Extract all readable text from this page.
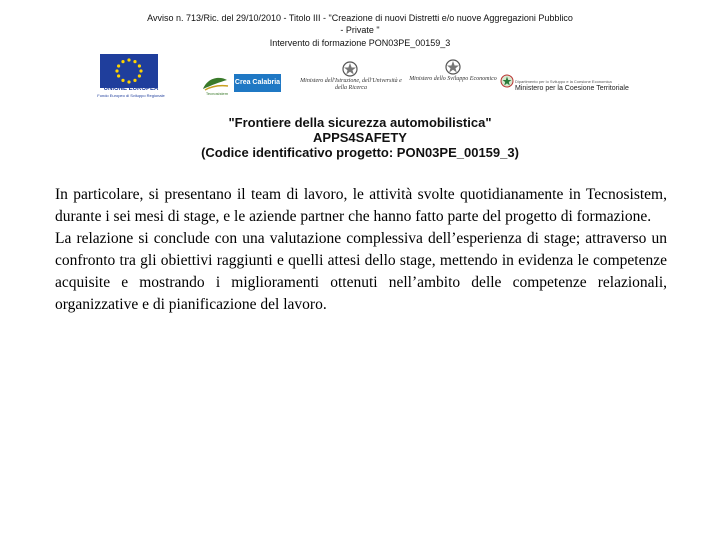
Avviso n. 713/Ric. del 29/10/2010 - Titolo III - "Creazione di nuovi Distretti e/o nuove Aggregazioni Pubblico
- Private "
Intervento di formazione PON03PE_00159_3
UNIONE EUROPEA
Fondo Europeo di Sviluppo Regionale	Tecnosistem
Crea Calabria	Ministero dell'Istruzione, dell'Università e della Ricerca
Ministero dello Sviluppo Economico	Dipartimento per lo Sviluppo e la Coesione Economica
Ministero per la Coesione Territoriale
"Frontiere della sicurezza automobilistica"
APPS4SAFETY
(Codice identificativo progetto: PON03PE_00159_3)

In particolare, si presentano il team di lavoro, le attività svolte quotidianamente in Tecnosistem, durante i sei mesi di stage, e le aziende partner che hanno fatto parte del progetto di formazione.

La relazione si conclude con una valutazione complessiva dell’esperienza di stage; attraverso un confronto tra gli obiettivi raggiunti e quelli attesi dello stage, mettendo in evidenza le competenze acquisite e mostrando i miglioramenti ottenuti nell’ambito delle competenze relazionali, organizzative e di pianificazione del lavoro.
